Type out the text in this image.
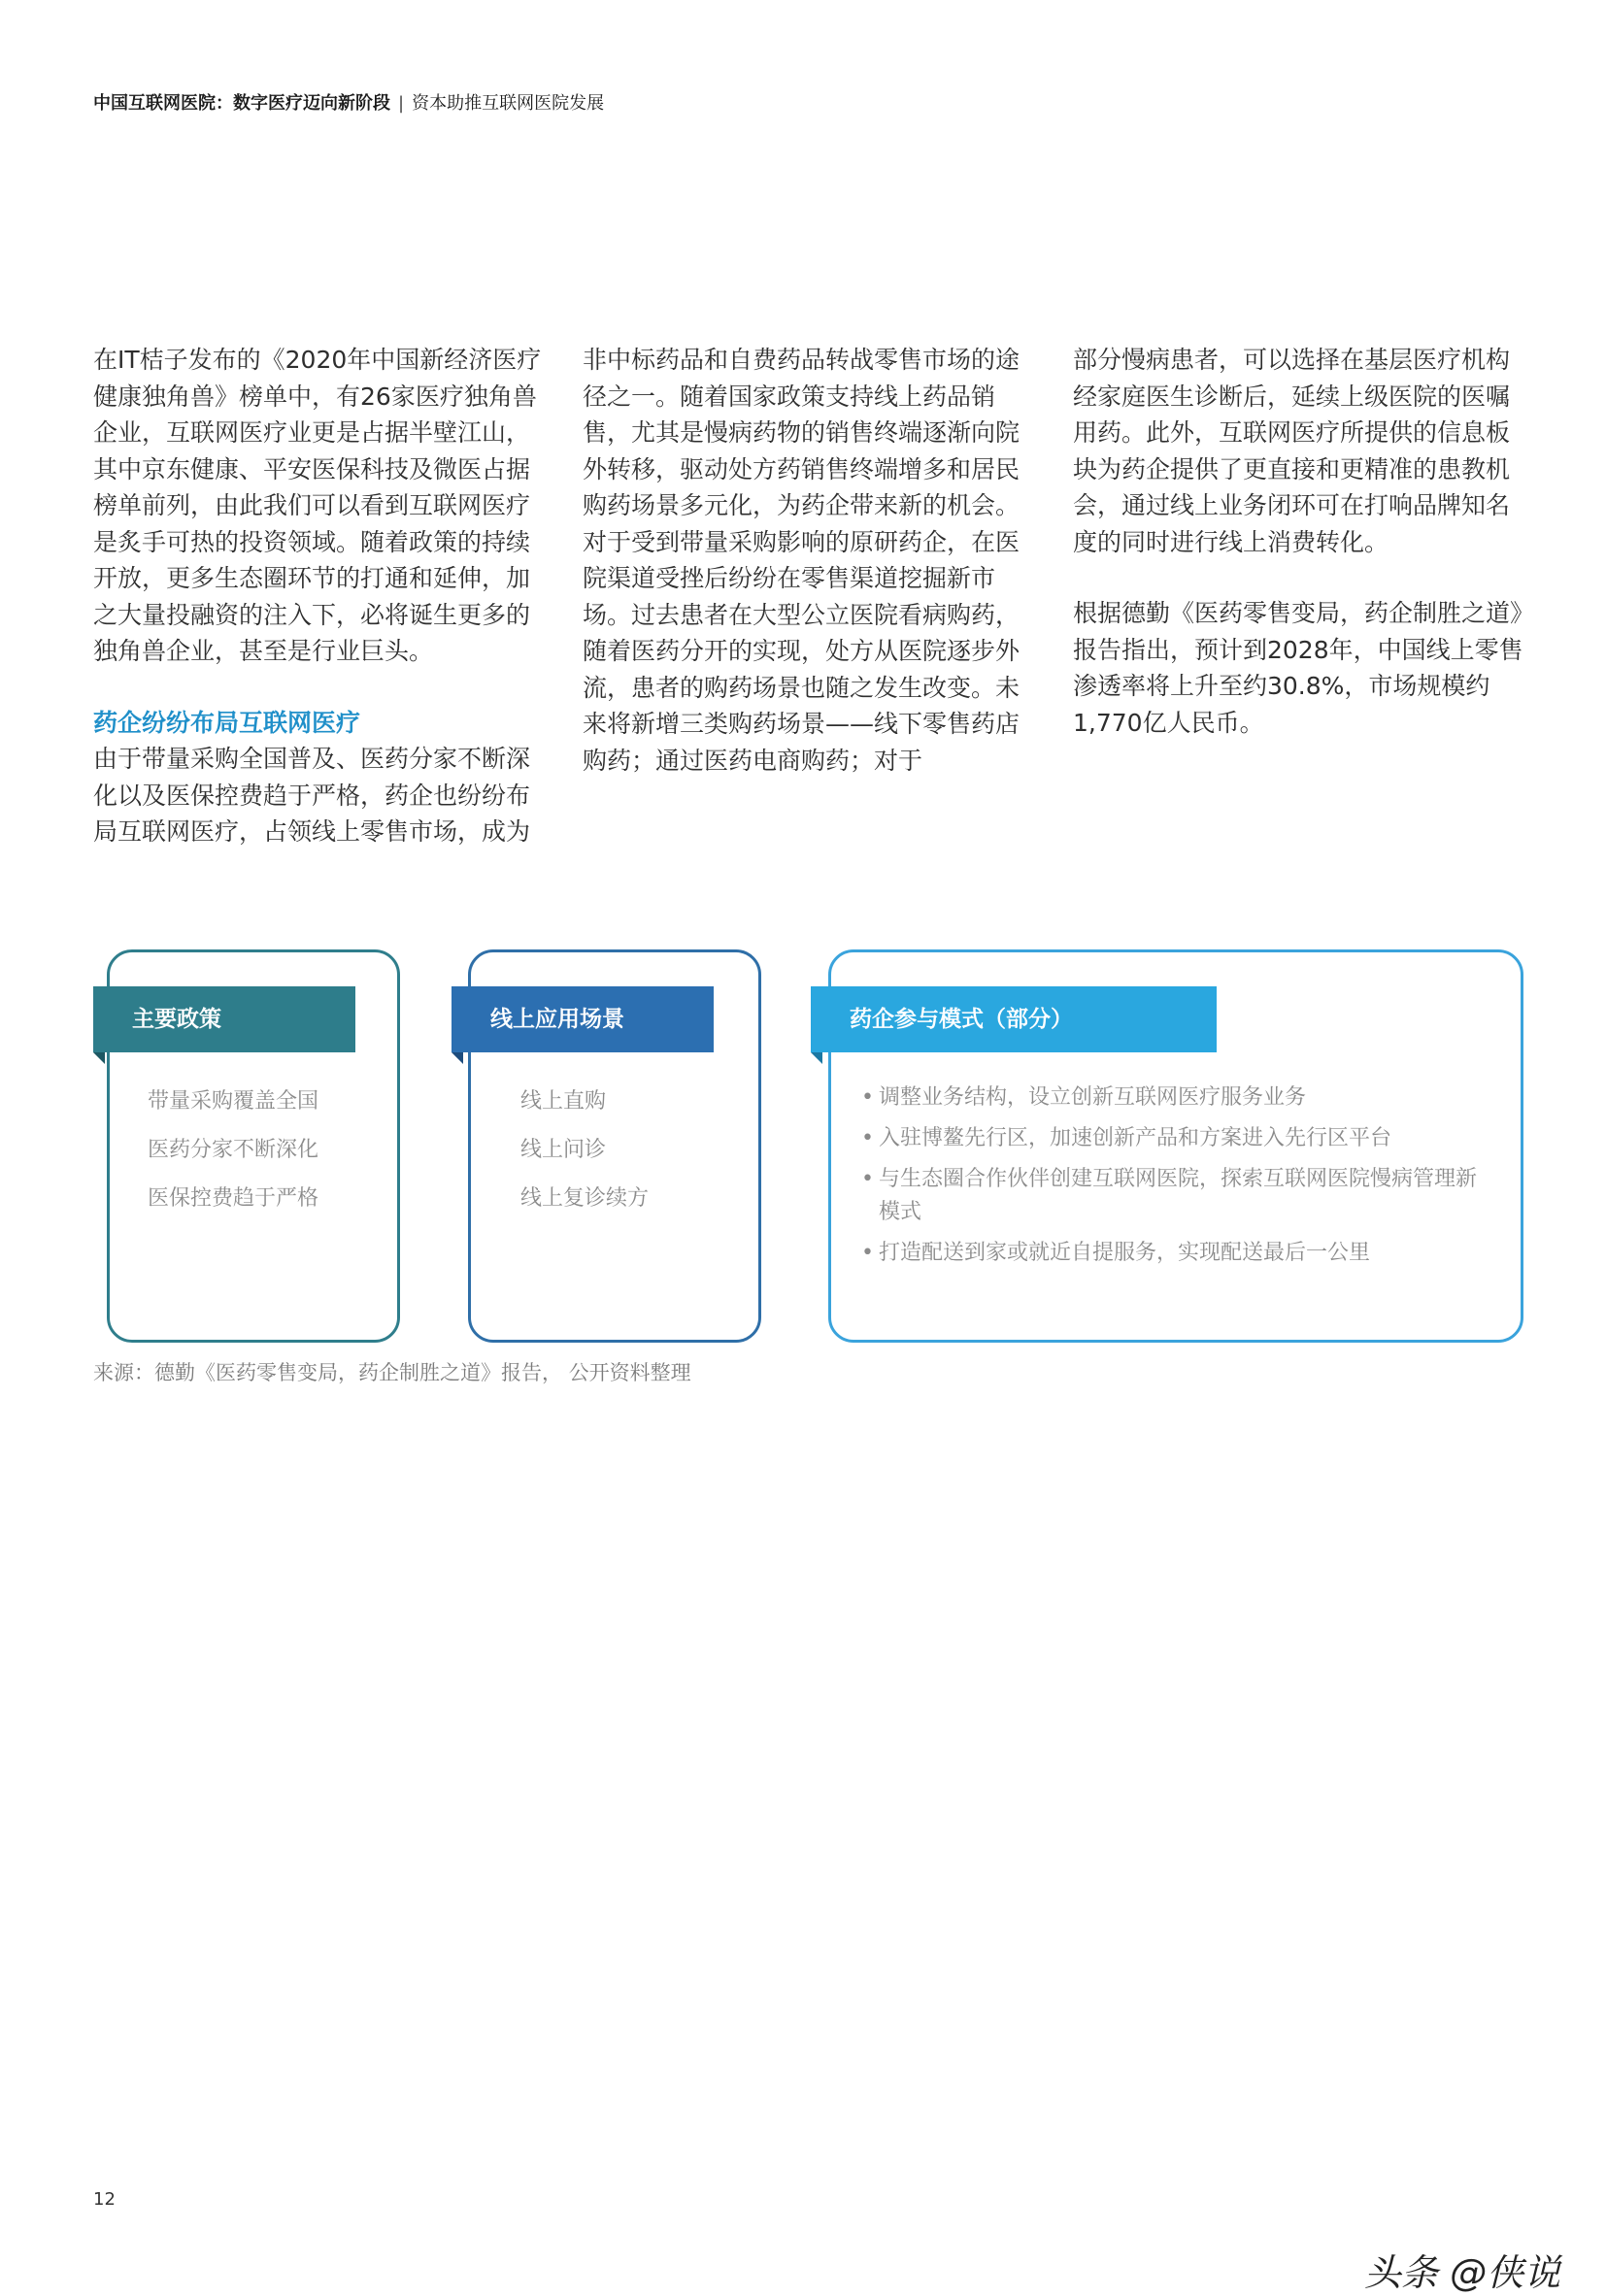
中国互联网医院：数字医疗迈向新阶段 | 资本助推互联网医院发展

在IT桔子发布的《2020年中国新经济医疗健康独角兽》榜单中，有26家医疗独角兽企业，互联网医疗业更是占据半壁江山，其中京东健康、平安医保科技及微医占据榜单前列，由此我们可以看到互联网医疗是炙手可热的投资领域。随着政策的持续开放，更多生态圈环节的打通和延伸，加之大量投融资的注入下，必将诞生更多的独角兽企业，甚至是行业巨头。

药企纷纷布局互联网医疗

由于带量采购全国普及、医药分家不断深化以及医保控费趋于严格，药企也纷纷布局互联网医疗，占领线上零售市场，成为

非中标药品和自费药品转战零售市场的途径之一。随着国家政策支持线上药品销售，尤其是慢病药物的销售终端逐渐向院外转移，驱动处方药销售终端增多和居民购药场景多元化，为药企带来新的机会。对于受到带量采购影响的原研药企，在医院渠道受挫后纷纷在零售渠道挖掘新市场。过去患者在大型公立医院看病购药，随着医药分开的实现，处方从医院逐步外流，患者的购药场景也随之发生改变。未来将新增三类购药场景——线下零售药店购药；通过医药电商购药；对于

部分慢病患者，可以选择在基层医疗机构经家庭医生诊断后，延续上级医院的医嘱用药。此外，互联网医疗所提供的信息板块为药企提供了更直接和更精准的患教机会，通过线上业务闭环可在打响品牌知名度的同时进行线上消费转化。

根据德勤《医药零售变局，药企制胜之道》报告指出，预计到2028年，中国线上零售渗透率将上升至约30.8%，市场规模约1,770亿人民币。

主要政策	线上应用场景	药企参与模式（部分）
带量采购覆盖全国
医药分家不断深化
医保控费趋于严格
线上直购
线上问诊
线上复诊续方
• 调整业务结构，设立创新互联网医疗服务业务
• 入驻博鳌先行区，加速创新产品和方案进入先行区平台
• 与生态圈合作伙伴创建互联网医院，探索互联网医院慢病管理新模式
• 打造配送到家或就近自提服务，实现配送最后一公里
来源：德勤《医药零售变局，药企制胜之道》报告， 公开资料整理
12
头条 @侠说
